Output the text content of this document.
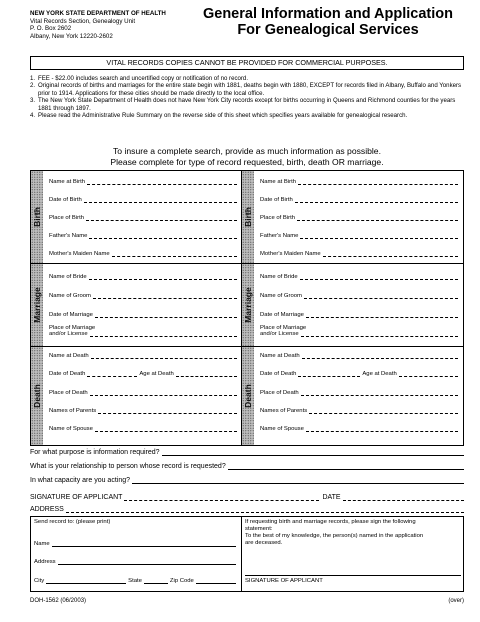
NEW YORK STATE DEPARTMENT OF HEALTH
Vital Records Section, Genealogy Unit
P. O. Box 2602
Albany, New York 12220-2602
General Information and Application
For Genealogical Services
VITAL RECORDS COPIES CANNOT BE PROVIDED FOR COMMERCIAL PURPOSES.
1. FEE - $22.00 includes search and uncertified copy or notification of no record.
2. Original records of births and marriages for the entire state begin with 1881, deaths begin with 1880, EXCEPT for records filed in Albany, Buffalo and Yonkers prior to 1914. Applications for these cities should be made directly to the local office.
3. The New York State Department of Health does not have New York City records except for births occurring in Queens and Richmond counties for the years 1881 through 1897.
4. Please read the Administrative Rule Summary on the reverse side of this sheet which specifies years available for genealogical research.
To insure a complete search, provide as much information as possible.
Please complete for type of record requested, birth, death OR marriage.
Birth	Birth
Marriage	Marriage
Death	Death
Name at Birth
Date of Birth
Place of Birth
Father's Name
Mother's Maiden Name
Name at Birth
Date of Birth
Place of Birth
Father's Name
Mother's Maiden Name
Name of Bride
Name of Groom
Date of Marriage
Place of Marriage
and/or License
Name of Bride
Name of Groom
Date of Marriage
Place of Marriage
and/or License
Name at Death
Date of Death	Age at Death
Place of Death
Names of Parents
Name of Spouse
Name at Death
Date of Death	Age at Death
Place of Death
Names of Parents
Name of Spouse
For what purpose is information required?
What is your relationship to person whose record is requested?
In what capacity are you acting?
SIGNATURE OF APPLICANT	DATE
ADDRESS
Send record to: (please print)
Name
Address
City	State	Zip Code
If requesting birth and marriage records, please sign the following
statement:
To the best of my knowledge, the person(s) named in the application
are deceased.
SIGNATURE OF APPLICANT
DOH-1562 (06/2003)	(over)
